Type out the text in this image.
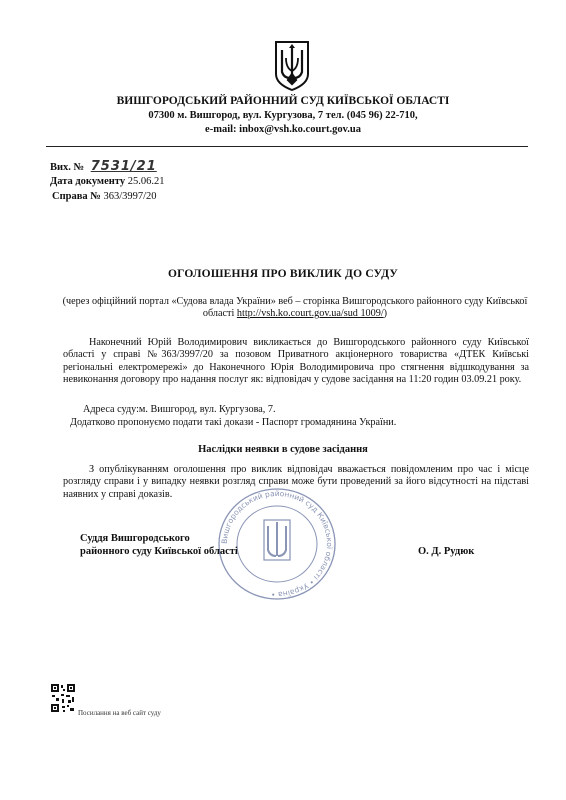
ВИШГОРОДСЬКИЙ РАЙОННИЙ СУД КИЇВСЬКОЇ ОБЛАСТІ
07300 м. Вишгород, вул. Кургузова, 7 тел. (045 96) 22-710,
e-mail: inbox@vsh.ko.court.gov.ua
Вих. № 7531/21
Дата документу 25.06.21
Справа № 363/3997/20
ОГОЛОШЕННЯ ПРО ВИКЛИК ДО СУДУ
(через офіційний портал «Судова влада України» веб – сторінка Вишгородського районного суду Київської області http://vsh.ko.court.gov.ua/sud 1009/)
Наконечний Юрій Володимирович викликається до Вишгородського районного суду Київської області у справі №363/3997/20 за позовом Приватного акціонерного товариства «ДТЕК Київські регіональні електромережі» до Наконечного Юрія Володимировича про стягнення відшкодування за невиконання договору про надання послуг як: відповідач у судове засідання на 11:20 годин 03.09.21 року.
Адреса суду:м. Вишгород, вул. Кургузова, 7.
Додатково пропонуємо подати такі докази - Паспорт громадянина України.
Наслідки неявки в судове засідання
З опублікуванням оголошення про виклик відповідач вважається повідомленим про час і місце розгляду справи і у випадку неявки розгляд справи може бути проведений за його відсутності на підставі наявних у справі доказів.
Вишгородський районний суд Київської області • Україна •
Суддя Вишгородського
районного суду Київської області	О. Д. Рудюк
Посилання на веб сайт суду
